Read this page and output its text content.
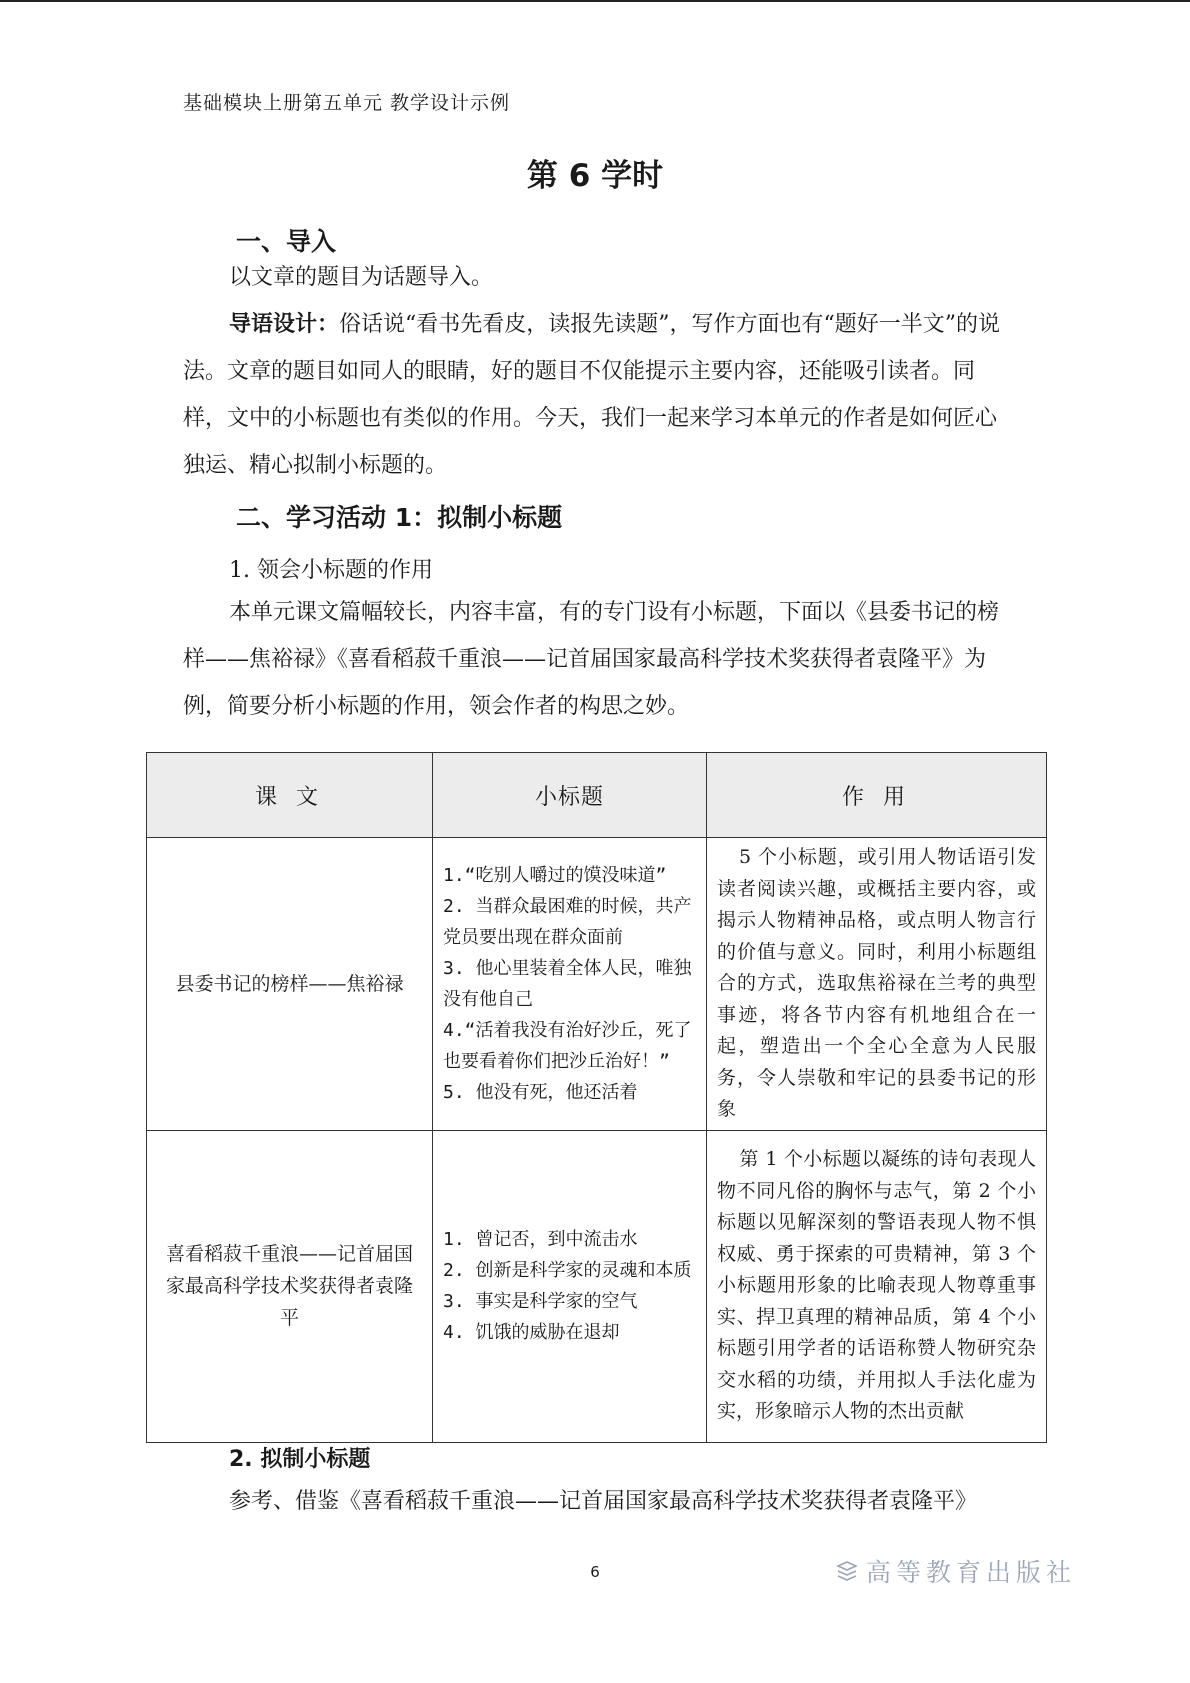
基础模块上册第五单元 教学设计示例
第 6 学时
一、导入
以文章的题目为话题导入。
导语设计：俗话说“看书先看皮，读报先读题”，写作方面也有“题好一半文”的说法。文章的题目如同人的眼睛，好的题目不仅能提示主要内容，还能吸引读者。同样，文中的小标题也有类似的作用。今天，我们一起来学习本单元的作者是如何匠心独运、精心拟制小标题的。
二、学习活动 1：拟制小标题
1. 领会小标题的作用
本单元课文篇幅较长，内容丰富，有的专门设有小标题，下面以《县委书记的榜样——焦裕禄》《喜看稻菽千重浪——记首届国家最高科学技术奖获得者袁隆平》为例，简要分析小标题的作用，领会作者的构思之妙。
课 文	小标题	作 用
县委书记的榜样——焦裕禄	1.“吃别人嚼过的馍没味道”
2. 当群众最困难的时候，共产党员要出现在群众面前
3. 他心里装着全体人民，唯独没有他自己
4.“活着我没有治好沙丘，死了也要看着你们把沙丘治好！”
5. 他没有死，他还活着	5 个小标题，或引用人物话语引发读者阅读兴趣，或概括主要内容，或揭示人物精神品格，或点明人物言行的价值与意义。同时，利用小标题组合的方式，选取焦裕禄在兰考的典型事迹，将各节内容有机地组合在一起，塑造出一个全心全意为人民服务，令人崇敬和牢记的县委书记的形象
喜看稻菽千重浪——记首届国家最高科学技术奖获得者袁隆平	1. 曾记否，到中流击水
2. 创新是科学家的灵魂和本质
3. 事实是科学家的空气
4. 饥饿的威胁在退却	第 1 个小标题以凝练的诗句表现人物不同凡俗的胸怀与志气，第 2 个小标题以见解深刻的警语表现人物不惧权威、勇于探索的可贵精神，第 3 个小标题用形象的比喻表现人物尊重事实、捍卫真理的精神品质，第 4 个小标题引用学者的话语称赞人物研究杂交水稻的功绩，并用拟人手法化虚为实，形象暗示人物的杰出贡献
2. 拟制小标题
参考、借鉴《喜看稻菽千重浪——记首届国家最高科学技术奖获得者袁隆平》
6	高等教育出版社
